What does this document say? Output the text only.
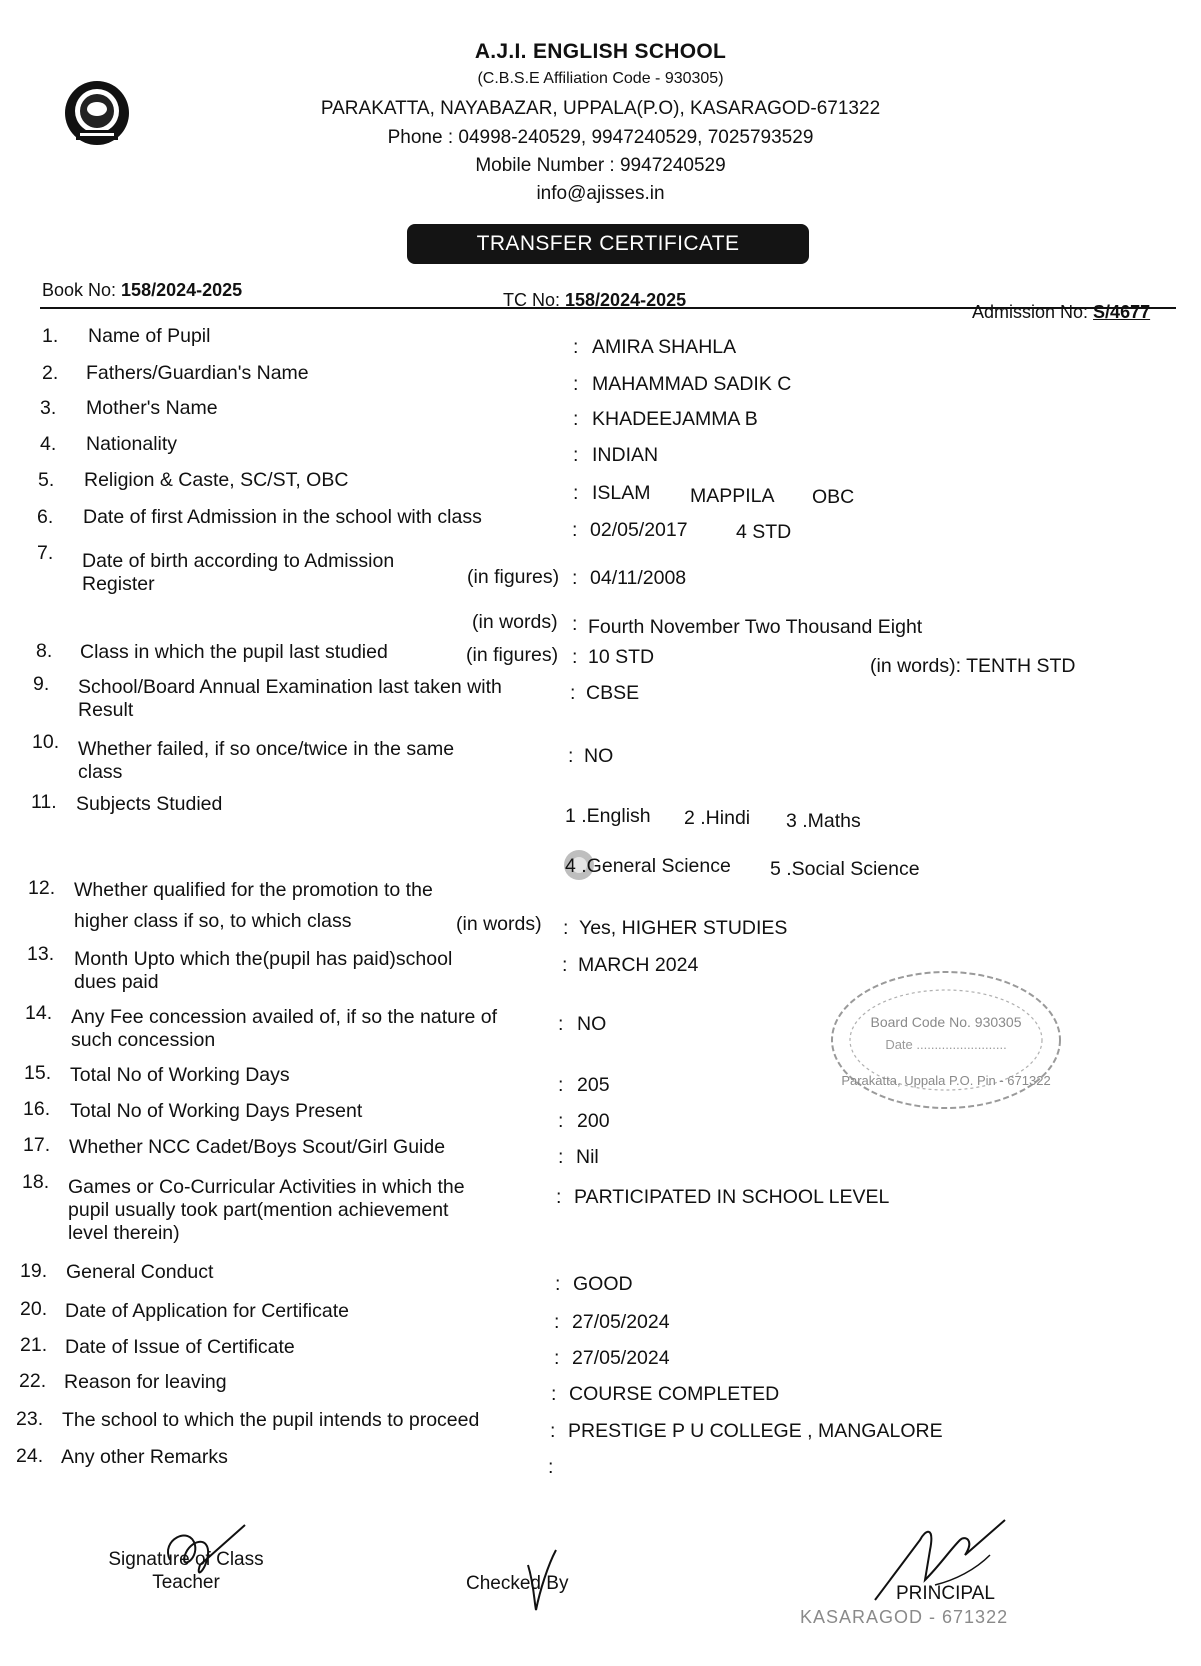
A.J.I. ENGLISH SCHOOL
(C.B.S.E Affiliation Code - 930305)
PARAKATTA, NAYABAZAR, UPPALA(P.O), KASARAGOD-671322
Phone : 04998-240529, 9947240529, 7025793529
Mobile Number : 9947240529
info@ajisses.in
TRANSFER CERTIFICATE
Book No: 158/2024-2025	TC No: 158/2024-2025
Admission No: S/4677
1. Name of Pupil	: AMIRA SHAHLA
2. Fathers/Guardian's Name	: MAHAMMAD SADIK C
3. Mother's Name	: KHADEEJAMMA B
4. Nationality	: INDIAN
5. Religion & Caste, SC/ST, OBC
: ISLAM MAPPILA OBC
6. Date of first Admission in the school with class
: 02/05/2017 4 STD
7. Date of birth according to Admission
Register	(in figures) : 04/11/2008
(in words) : Fourth November Two Thousand Eight
8. Class in which the pupil last studied	(in figures) : 10 STD	(in words): TENTH STD
9. School/Board Annual Examination last taken with
Result
: CBSE
10. Whether failed, if so once/twice in the same
class
: NO
11. Subjects Studied
1 .English 2 .Hindi 3 .Maths
4 .General Science 5 .Social Science
12. Whether qualified for the promotion to the
higher class if so, to which class	(in words) : Yes, HIGHER STUDIES
13. Month Upto which the(pupil has paid)school
dues paid
: MARCH 2024
14. Any Fee concession availed of, if so the nature of
such concession
: NO	Board Code No. 930305
Date .........................
Parakatta, Uppala P.O. Pin - 671322
15. Total No of Working Days	: 205
16. Total No of Working Days Present	: 200
17. Whether NCC Cadet/Boys Scout/Girl Guide	: Nil
18. Games or Co-Curricular Activities in which the
pupil usually took part(mention achievement
level therein)
: PARTICIPATED IN SCHOOL LEVEL
19. General Conduct
: GOOD
20. Date of Application for Certificate	: 27/05/2024
21. Date of Issue of Certificate	: 27/05/2024
22. Reason for leaving
: COURSE COMPLETED
23. The school to which the pupil intends to proceed	: PRESTIGE P U COLLEGE , MANGALORE
24. Any other Remarks	:
Signature of Class
Teacher	Checked By	PRINCIPAL
KASARAGOD - 671322
